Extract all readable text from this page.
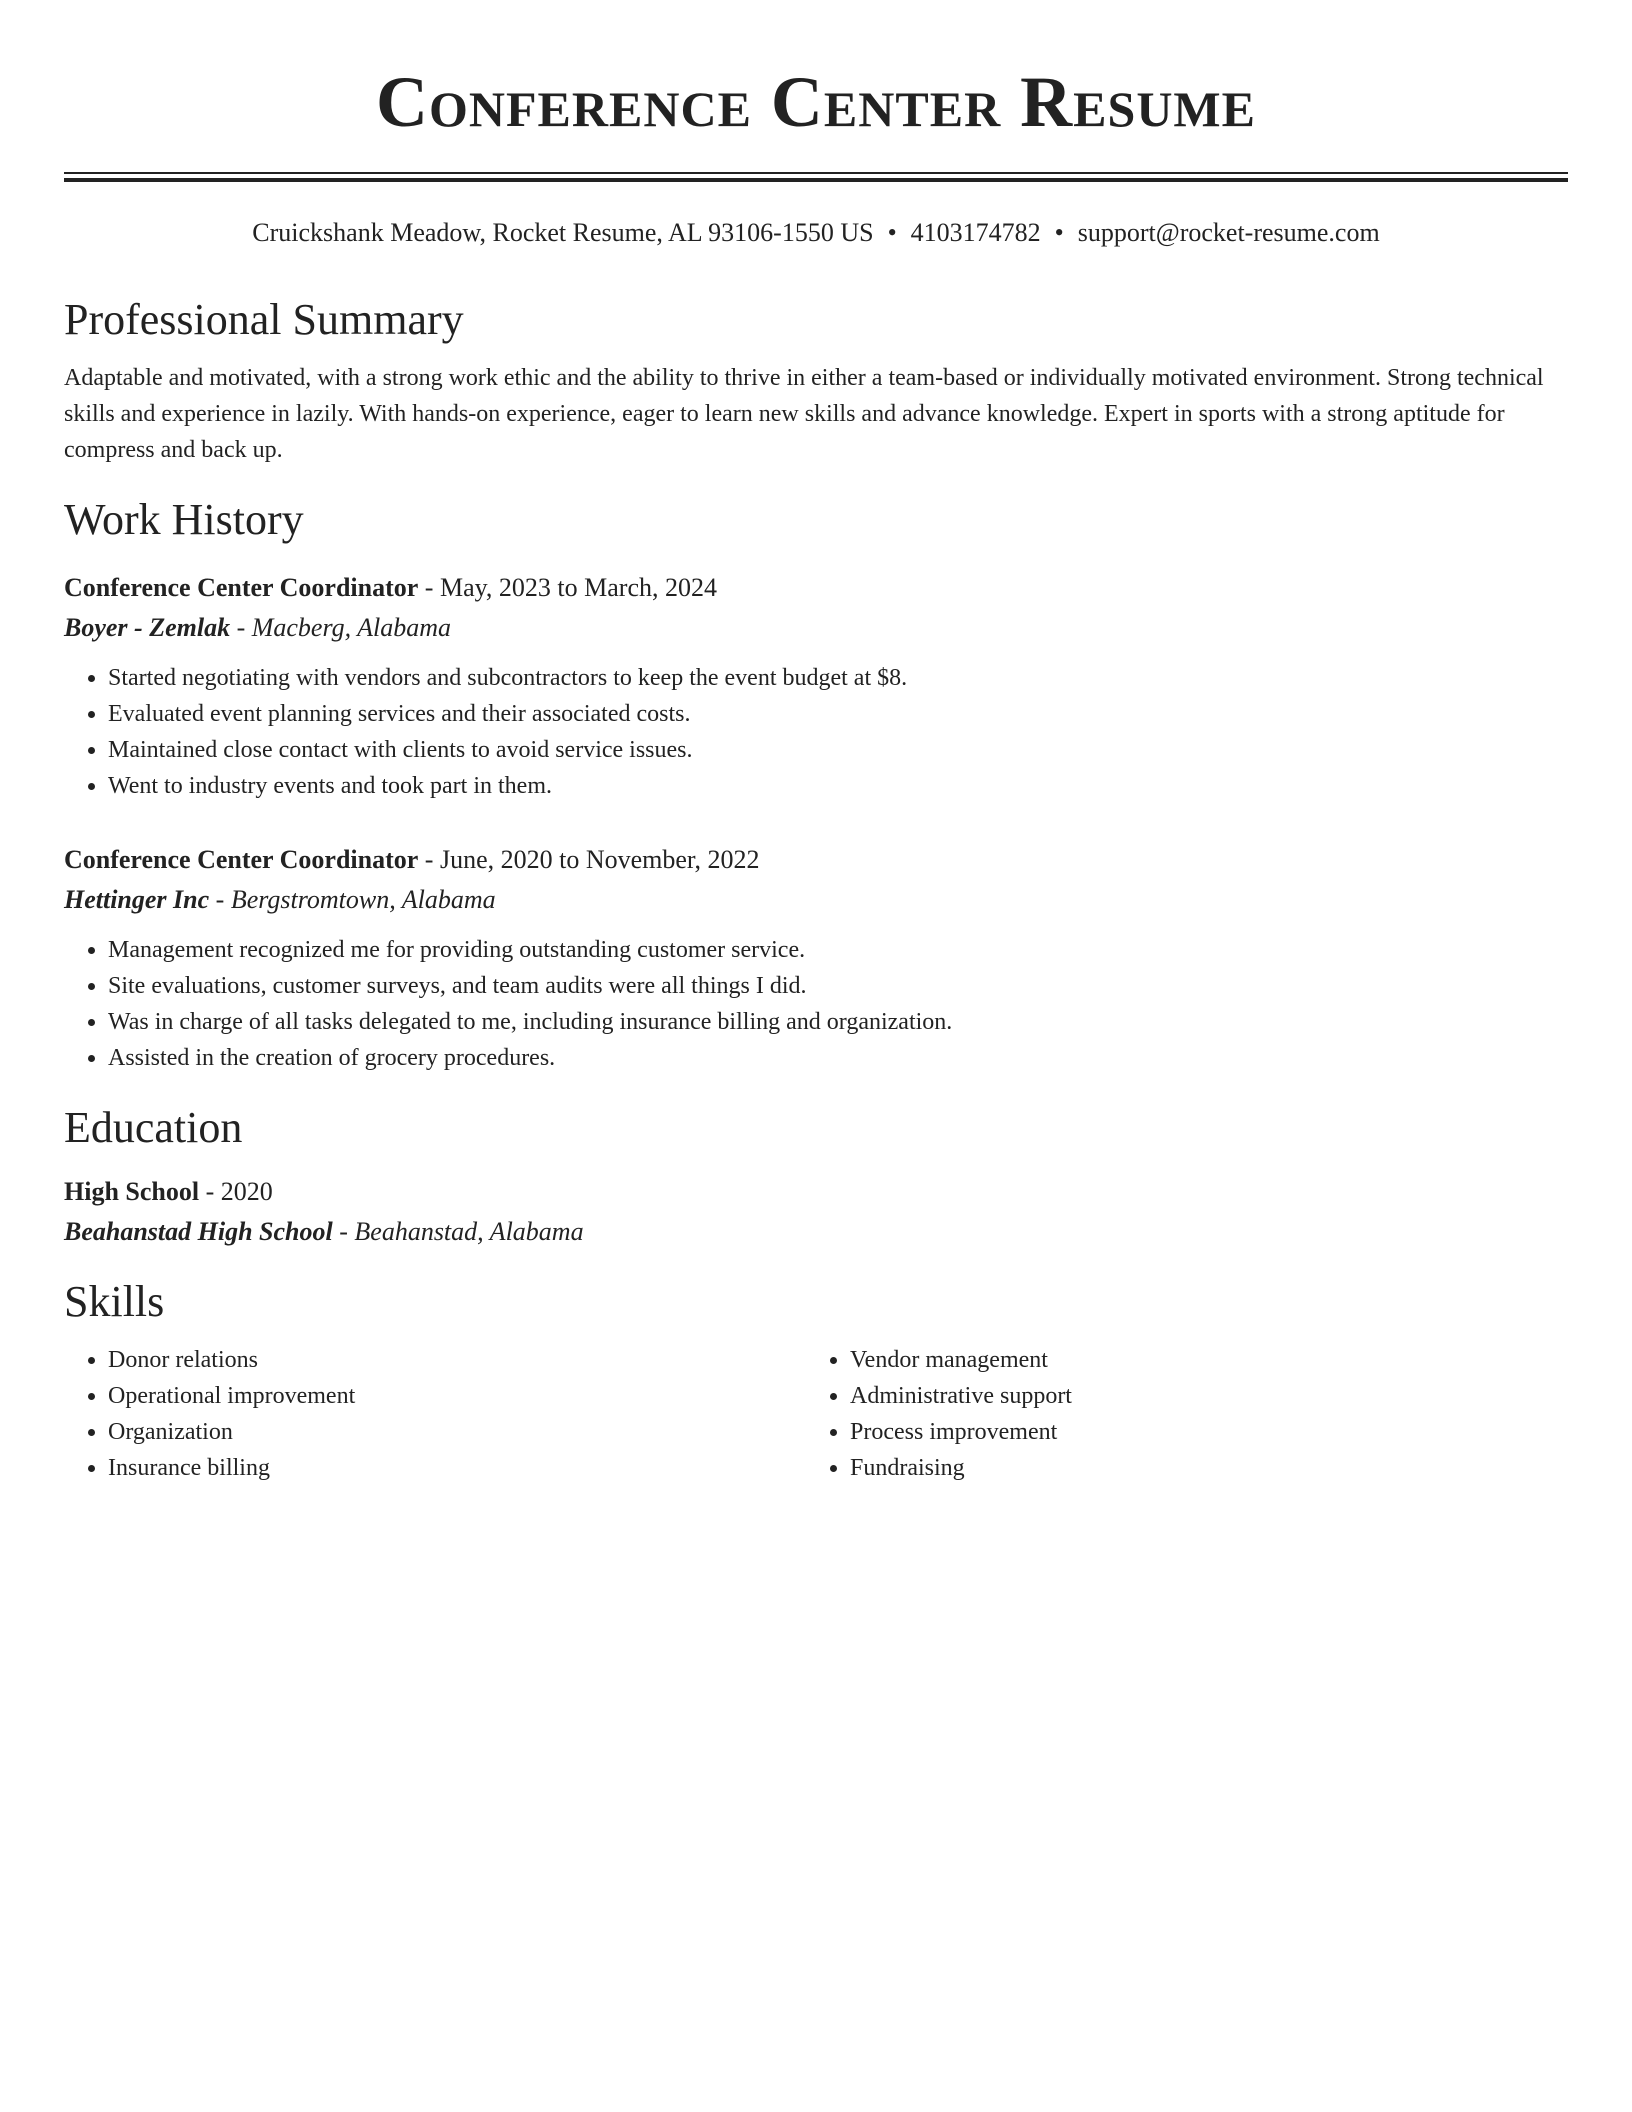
Conference Center Resume
Cruickshank Meadow, Rocket Resume, AL 93106-1550 US • 4103174782 • support@rocket-resume.com
Professional Summary
Adaptable and motivated, with a strong work ethic and the ability to thrive in either a team-based or individually motivated environment. Strong technical skills and experience in lazily. With hands-on experience, eager to learn new skills and advance knowledge. Expert in sports with a strong aptitude for compress and back up.
Work History
Conference Center Coordinator - May, 2023 to March, 2024
Boyer - Zemlak - Macberg, Alabama
• Started negotiating with vendors and subcontractors to keep the event budget at $8.
• Evaluated event planning services and their associated costs.
• Maintained close contact with clients to avoid service issues.
• Went to industry events and took part in them.
Conference Center Coordinator - June, 2020 to November, 2022
Hettinger Inc - Bergstromtown, Alabama
• Management recognized me for providing outstanding customer service.
• Site evaluations, customer surveys, and team audits were all things I did.
• Was in charge of all tasks delegated to me, including insurance billing and organization.
• Assisted in the creation of grocery procedures.
Education
High School - 2020
Beahanstad High School - Beahanstad, Alabama
Skills
• Donor relations
• Operational improvement
• Organization
• Insurance billing
• Vendor management
• Administrative support
• Process improvement
• Fundraising
